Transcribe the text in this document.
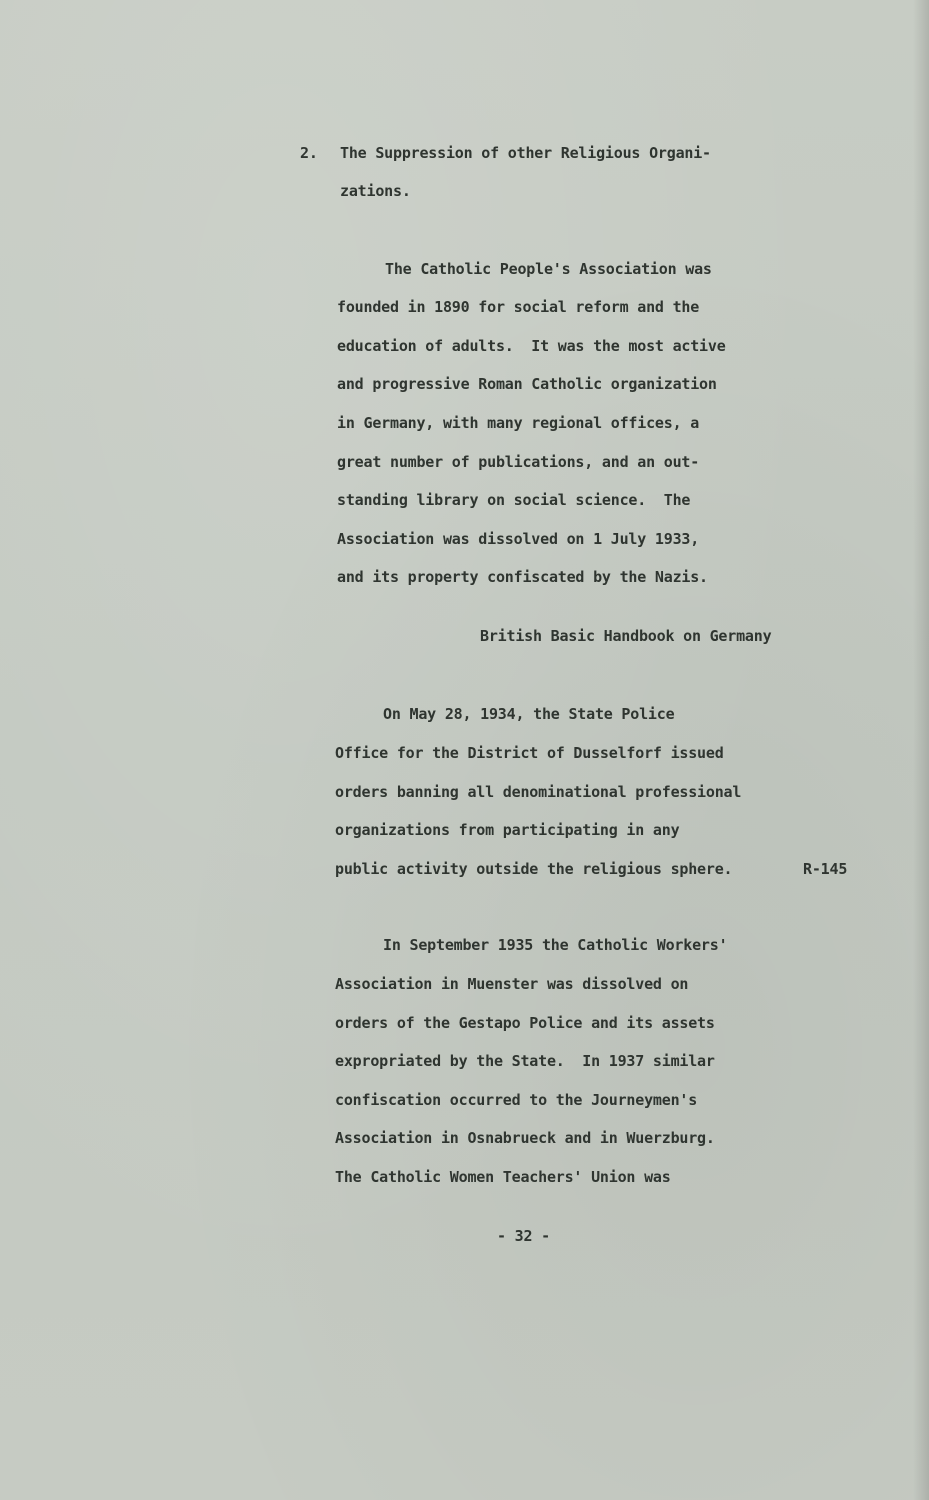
2. The Suppression of other Religious Organi-
zations.
The Catholic People's Association was
founded in 1890 for social reform and the
education of adults.  It was the most active
and progressive Roman Catholic organization
in Germany, with many regional offices, a
great number of publications, and an out-
standing library on social science.  The
Association was dissolved on 1 July 1933,
and its property confiscated by the Nazis.
British Basic Handbook on Germany
On May 28, 1934, the State Police
Office for the District of Dusselforf issued
orders banning all denominational professional
organizations from participating in any
public activity outside the religious sphere.	R-145
In September 1935 the Catholic Workers'
Association in Muenster was dissolved on
orders of the Gestapo Police and its assets
expropriated by the State.  In 1937 similar
confiscation occurred to the Journeymen's
Association in Osnabrueck and in Wuerzburg.
The Catholic Women Teachers' Union was
- 32 -
